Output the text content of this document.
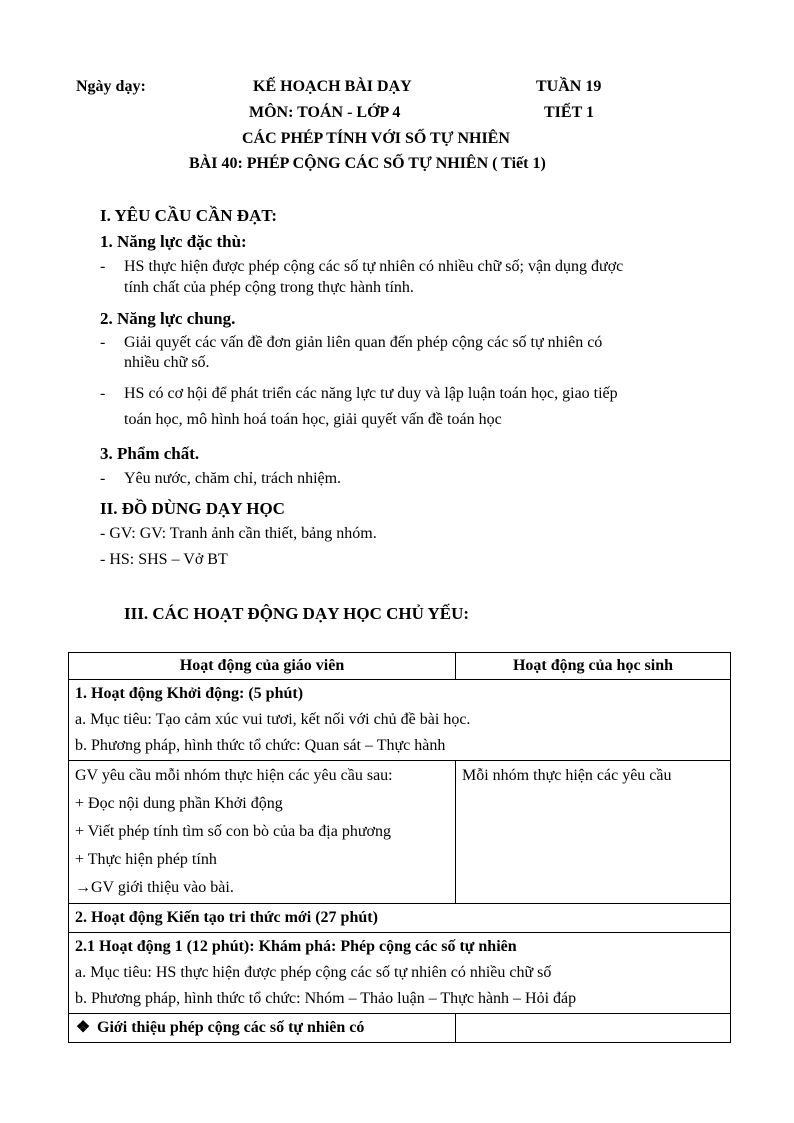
Ngày dạy:	KẾ HOẠCH BÀI DẠY	TUẦN 19
MÔN: TOÁN - LỚP 4	TIẾT 1
CÁC PHÉP TÍNH VỚI SỐ TỰ NHIÊN
BÀI 40: PHÉP CỘNG CÁC SỐ TỰ NHIÊN ( Tiết 1)
I. YÊU CẦU CẦN ĐẠT:
1. Năng lực đặc thù:
- HS thực hiện được phép cộng các số tự nhiên có nhiều chữ số; vận dụng được
tính chất của phép cộng trong thực hành tính.
2. Năng lực chung.
- Giải quyết các vấn đề đơn giản liên quan đến phép cộng các số tự nhiên có
nhiều chữ số.
- HS có cơ hội để phát triển các năng lực tư duy và lập luận toán học, giao tiếp
toán học, mô hình hoá toán học, giải quyết vấn đề toán học
3. Phẩm chất.
- Yêu nước, chăm chỉ, trách nhiệm.
II. ĐỒ DÙNG DẠY HỌC
- GV: GV: Tranh ảnh cần thiết, bảng nhóm.
- HS: SHS – Vở BT
III. CÁC HOẠT ĐỘNG DẠY HỌC CHỦ YẾU:
Hoạt động của giáo viên	Hoạt động của học sinh

1. Hoạt động Khởi động: (5 phút)
a. Mục tiêu: Tạo cảm xúc vui tươi, kết nối với chủ đề bài học.
b. Phương pháp, hình thức tổ chức: Quan sát – Thực hành	

GV yêu cầu mỗi nhóm thực hiện các yêu cầu sau:
+ Đọc nội dung phần Khởi động
+ Viết phép tính tìm số con bò của ba địa phương
+ Thực hiện phép tính
→GV giới thiệu vào bài.	Mỗi nhóm thực hiện các yêu cầu

2. Hoạt động Kiến tạo tri thức mới (27 phút)	

2.1 Hoạt động 1 (12 phút): Khám phá: Phép cộng các số tự nhiên
a. Mục tiêu: HS thực hiện được phép cộng các số tự nhiên có nhiều chữ số
b. Phương pháp, hình thức tổ chức: Nhóm – Thảo luận – Thực hành – Hỏi đáp	

❖ Giới thiệu phép cộng các số tự nhiên có	
